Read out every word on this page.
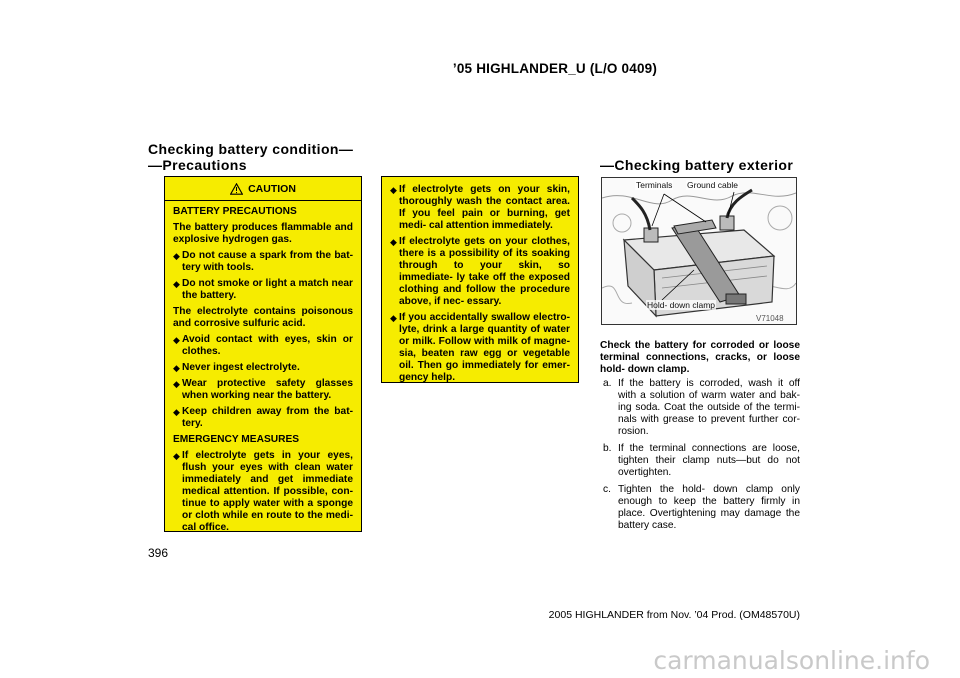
’05 HIGHLANDER_U (L/O 0409)
Checking battery condition—
—Precautions	—Checking battery exterior
CAUTION

BATTERY PRECAUTIONS

The battery produces flammable and explosive hydrogen gas.

◆ Do not cause a spark from the bat- tery with tools.
◆ Do not smoke or light a match near the battery.

The electrolyte contains poisonous and corrosive sulfuric acid.

◆ Avoid contact with eyes, skin or clothes.
◆ Never ingest electrolyte.
◆ Wear protective safety glasses when working near the battery.
◆ Keep children away from the bat- tery.

EMERGENCY MEASURES

◆ If electrolyte gets in your eyes, flush your eyes with clean water immediately and get immediate medical attention. If possible, con- tinue to apply water with a sponge or cloth while en route to the medi- cal office.
◆ If electrolyte gets on your skin, thoroughly wash the contact area. If you feel pain or burning, get medi- cal attention immediately.
◆ If electrolyte gets on your clothes, there is a possibility of its soaking through to your skin, so immediate- ly take off the exposed clothing and follow the procedure above, if nec- essary.
◆ If you accidentally swallow electro- lyte, drink a large quantity of water or milk. Follow with milk of magne- sia, beaten raw egg or vegetable oil. Then go immediately for emer- gency help.
Terminals Ground cable
Hold- down clamp
V71048
Check the battery for corroded or loose terminal connections, cracks, or loose hold- down clamp.
a. If the battery is corroded, wash it off with a solution of warm water and bak- ing soda. Coat the outside of the termi- nals with grease to prevent further cor- rosion.
b. If the terminal connections are loose, tighten their clamp nuts—but do not overtighten.
c. Tighten the hold- down clamp only enough to keep the battery firmly in place. Overtightening may damage the battery case.
396
2005 HIGHLANDER from Nov. ’04 Prod. (OM48570U)
carmanualsonline.info
